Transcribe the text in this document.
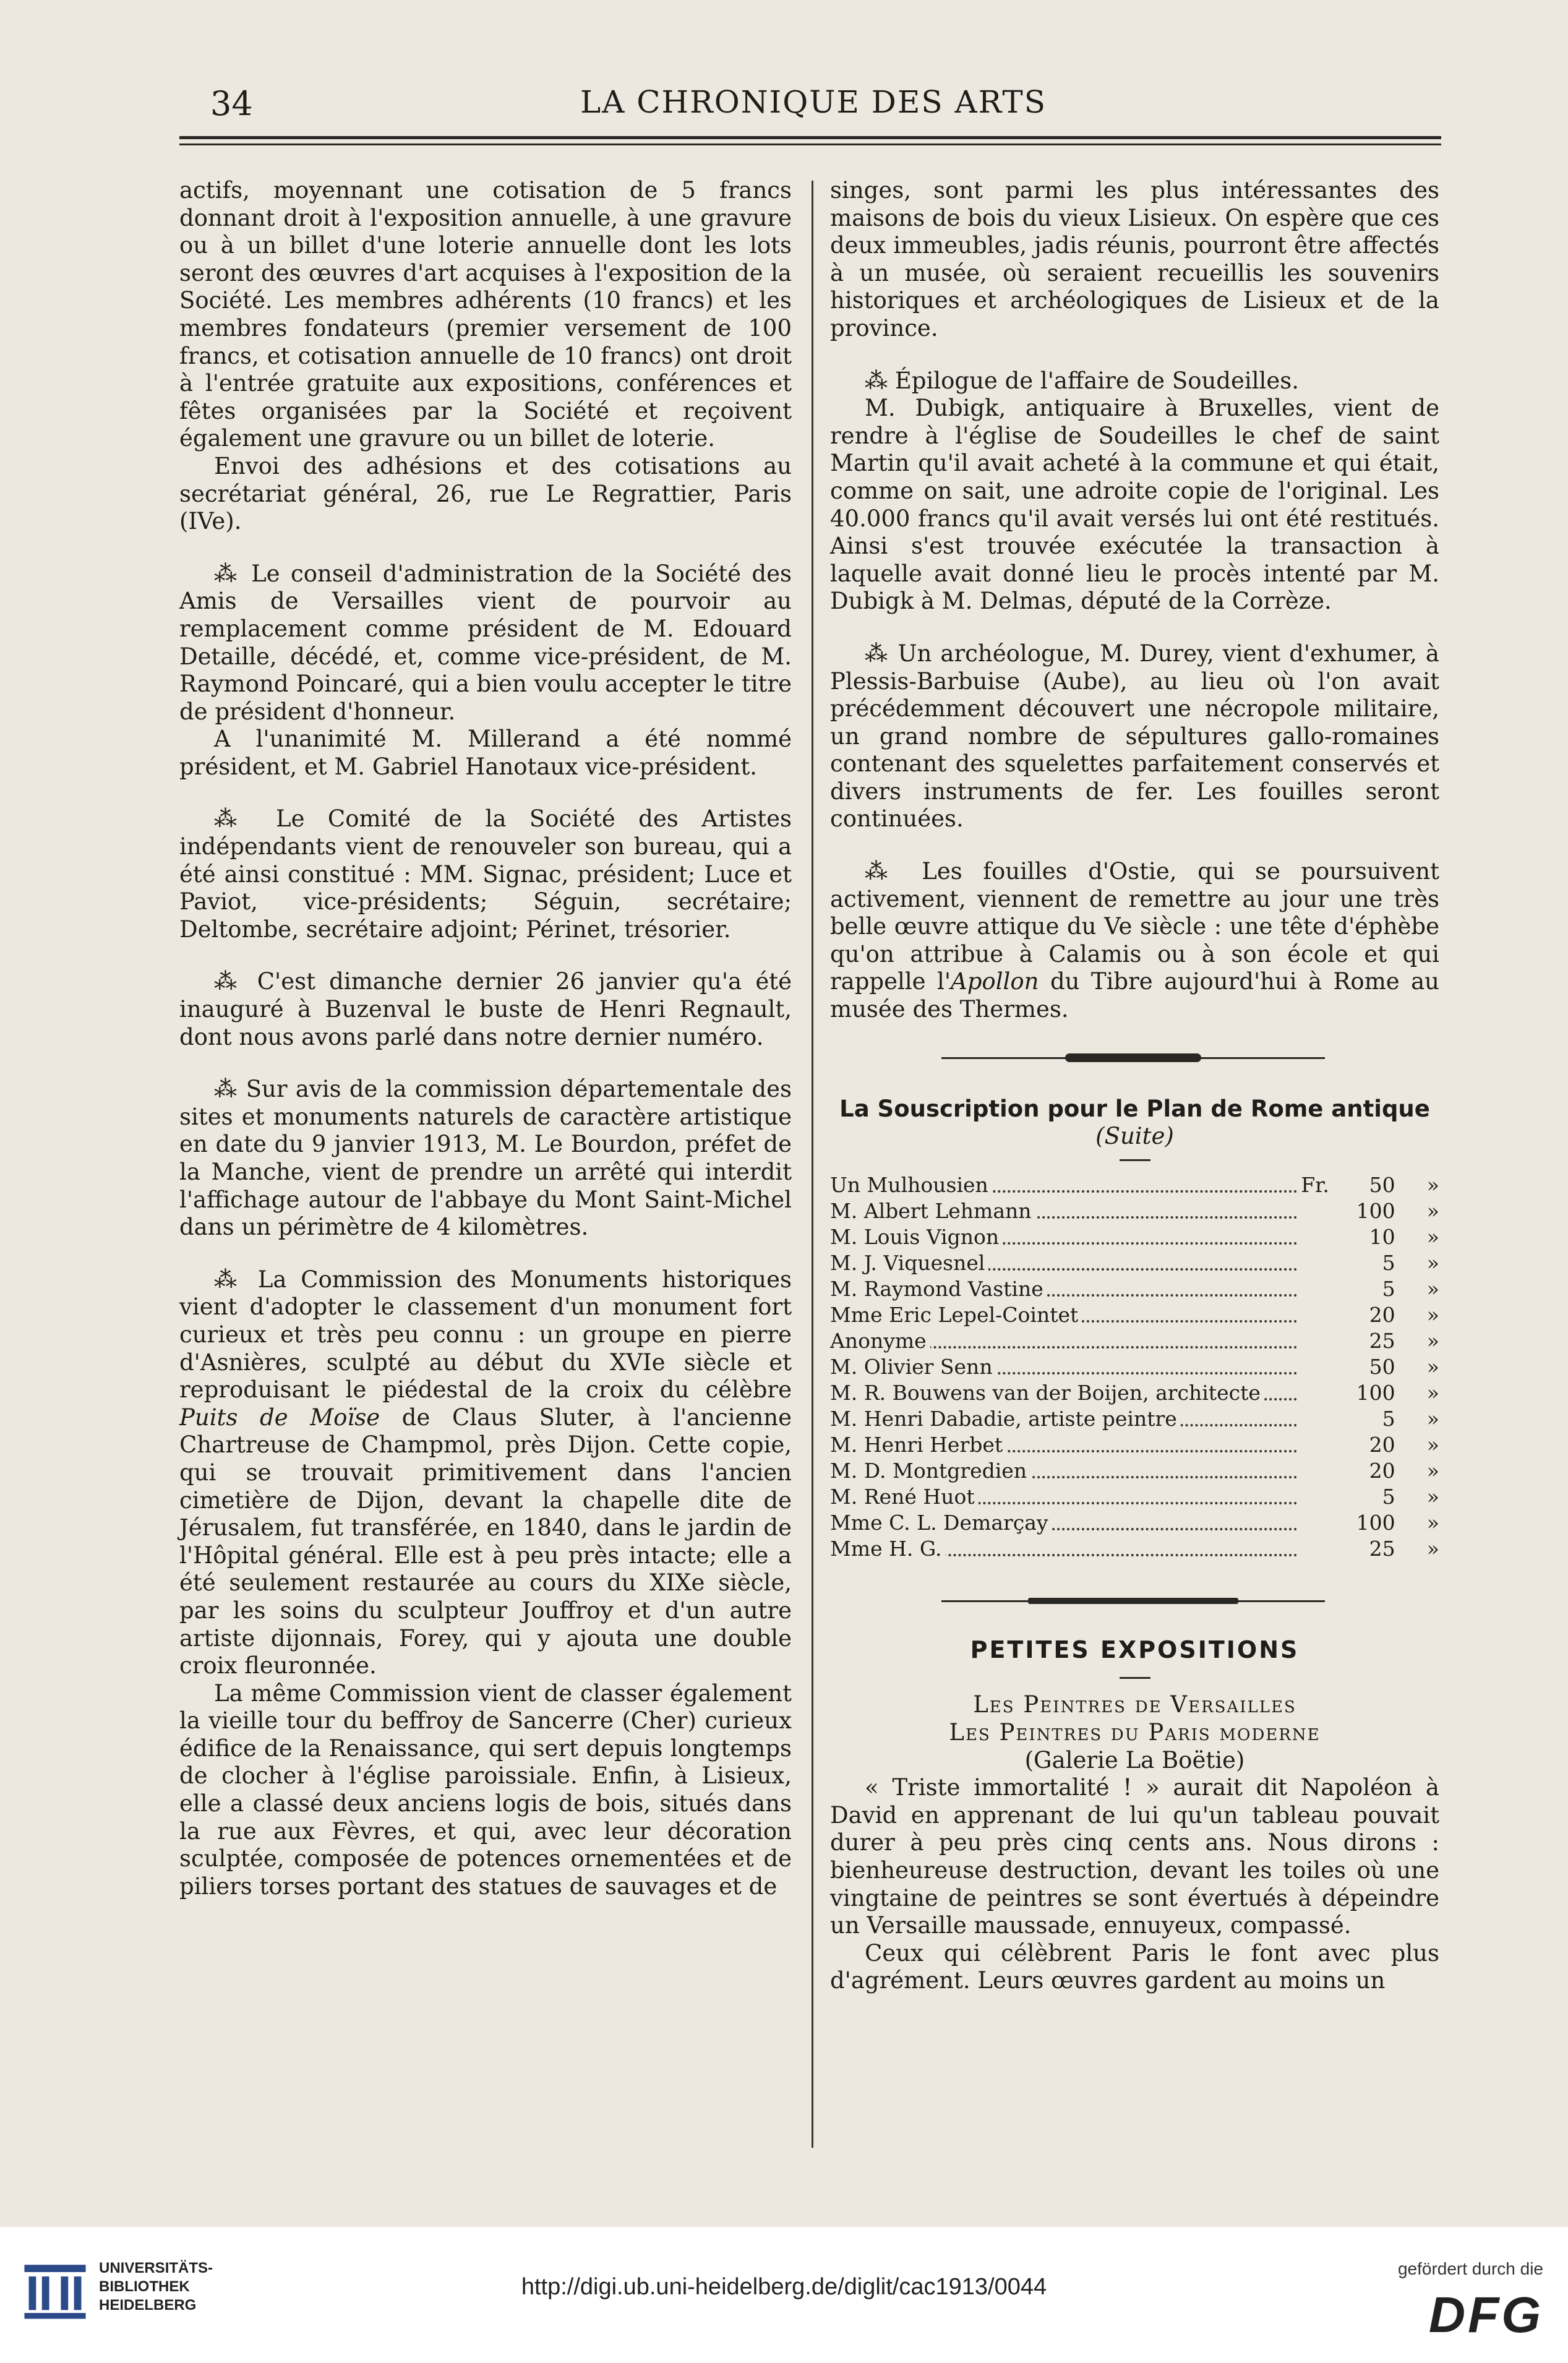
34	LA CHRONIQUE DES ARTS
actifs, moyennant une cotisation de 5 francs donnant droit à l'exposition annuelle, à une gravure ou à un billet d'une loterie annuelle dont les lots seront des œuvres d'art acquises à l'exposition de la Société. Les membres adhérents (10 francs) et les membres fondateurs (premier versement de 100 francs, et cotisation annuelle de 10 francs) ont droit à l'entrée gratuite aux expositions, conférences et fêtes organisées par la Société et reçoivent également une gravure ou un billet de loterie.
Envoi des adhésions et des cotisations au secrétariat général, 26, rue Le Regrattier, Paris (IVe).
⁂ Le conseil d'administration de la Société des Amis de Versailles vient de pourvoir au remplacement comme président de M. Edouard Detaille, décédé, et, comme vice-président, de M. Raymond Poincaré, qui a bien voulu accepter le titre de président d'honneur.
A l'unanimité M. Millerand a été nommé président, et M. Gabriel Hanotaux vice-président.
⁂ Le Comité de la Société des Artistes indépendants vient de renouveler son bureau, qui a été ainsi constitué : MM. Signac, président; Luce et Paviot, vice-présidents; Séguin, secrétaire; Deltombe, secrétaire adjoint; Périnet, trésorier.
⁂ C'est dimanche dernier 26 janvier qu'a été inauguré à Buzenval le buste de Henri Regnault, dont nous avons parlé dans notre dernier numéro.
⁂ Sur avis de la commission départementale des sites et monuments naturels de caractère artistique en date du 9 janvier 1913, M. Le Bourdon, préfet de la Manche, vient de prendre un arrêté qui interdit l'affichage autour de l'abbaye du Mont Saint-Michel dans un périmètre de 4 kilomètres.
⁂ La Commission des Monuments historiques vient d'adopter le classement d'un monument fort curieux et très peu connu : un groupe en pierre d'Asnières, sculpté au début du XVIe siècle et reproduisant le piédestal de la croix du célèbre Puits de Moïse de Claus Sluter, à l'ancienne Chartreuse de Champmol, près Dijon. Cette copie, qui se trouvait primitivement dans l'ancien cimetière de Dijon, devant la chapelle dite de Jérusalem, fut transférée, en 1840, dans le jardin de l'Hôpital général. Elle est à peu près intacte; elle a été seulement restaurée au cours du XIXe siècle, par les soins du sculpteur Jouffroy et d'un autre artiste dijonnais, Forey, qui y ajouta une double croix fleuronnée.
La même Commission vient de classer également la vieille tour du beffroy de Sancerre (Cher) curieux édifice de la Renaissance, qui sert depuis longtemps de clocher à l'église paroissiale. Enfin, à Lisieux, elle a classé deux anciens logis de bois, situés dans la rue aux Fèvres, et qui, avec leur décoration sculptée, composée de potences ornementées et de piliers torses portant des statues de sauvages et de
singes, sont parmi les plus intéressantes des maisons de bois du vieux Lisieux. On espère que ces deux immeubles, jadis réunis, pourront être affectés à un musée, où seraient recueillis les souvenirs historiques et archéologiques de Lisieux et de la province.
⁂ Épilogue de l'affaire de Soudeilles.
M. Dubigk, antiquaire à Bruxelles, vient de rendre à l'église de Soudeilles le chef de saint Martin qu'il avait acheté à la commune et qui était, comme on sait, une adroite copie de l'original. Les 40.000 francs qu'il avait versés lui ont été restitués. Ainsi s'est trouvée exécutée la transaction à laquelle avait donné lieu le procès intenté par M. Dubigk à M. Delmas, député de la Corrèze.
⁂ Un archéologue, M. Durey, vient d'exhumer, à Plessis-Barbuise (Aube), au lieu où l'on avait précédemment découvert une nécropole militaire, un grand nombre de sépultures gallo-romaines contenant des squelettes parfaitement conservés et divers instruments de fer. Les fouilles seront continuées.
⁂ Les fouilles d'Ostie, qui se poursuivent activement, viennent de remettre au jour une très belle œuvre attique du Ve siècle : une tête d'éphèbe qu'on attribue à Calamis ou à son école et qui rappelle l'Apollon du Tibre aujourd'hui à Rome au musée des Thermes.
La Souscription pour le Plan de Rome antique
(Suite)
Un Mulhousien	Fr.	50	»

M. Albert Lehmann		100	»

M. Louis Vignon		10	»

M. J. Viquesnel		5	»

M. Raymond Vastine		5	»

Mme Eric Lepel-Cointet		20	»

Anonyme		25	»

M. Olivier Senn		50	»

M. R. Bouwens van der Boijen, architecte		100	»

M. Henri Dabadie, artiste peintre		5	»

M. Henri Herbet		20	»

M. D. Montgredien		20	»

M. René Huot		5	»

Mme C. L. Demarçay		100	»

Mme H. G.		25	»
PETITES EXPOSITIONS
Les Peintres de Versailles
Les Peintres du Paris moderne
(Galerie La Boëtie)
« Triste immortalité ! » aurait dit Napoléon à David en apprenant de lui qu'un tableau pouvait durer à peu près cinq cents ans. Nous dirons : bienheureuse destruction, devant les toiles où une vingtaine de peintres se sont évertués à dépeindre un Versaille maussade, ennuyeux, compassé.
Ceux qui célèbrent Paris le font avec plus d'agrément. Leurs œuvres gardent au moins un
UNIVERSITÄTS-
BIBLIOTHEK
HEIDELBERG
http://digi.ub.uni-heidelberg.de/diglit/cac1913/0044
gefördert durch die
DFG
